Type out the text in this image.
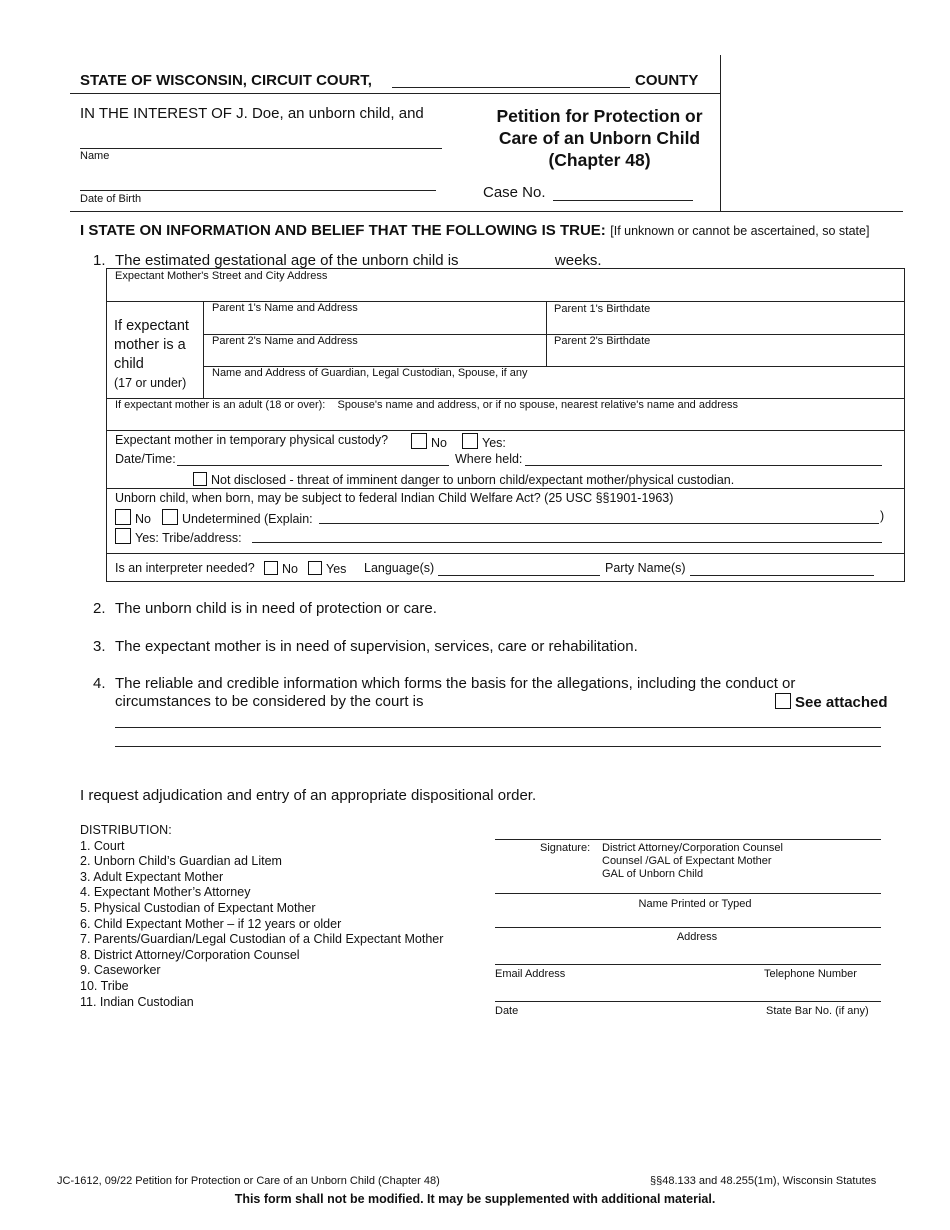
STATE OF WISCONSIN, CIRCUIT COURT,	COUNTY
IN THE INTEREST OF J. Doe, an unborn child, and
Name
Date of Birth
Petition for Protection or
Care of an Unborn Child
(Chapter 48)
Case No.
I STATE ON INFORMATION AND BELIEF THAT THE FOLLOWING IS TRUE: [If unknown or cannot be ascertained, so state]
1. The estimated gestational age of the unborn child is	weeks.
Expectant Mother's Street and City Address
If expectant
mother is a
child
(17 or under)
Parent 1's Name and Address	Parent 1's Birthdate
Parent 2's Name and Address	Parent 2's Birthdate
Name and Address of Guardian, Legal Custodian, Spouse, if any
If expectant mother is an adult (18 or over):    Spouse's name and address, or if no spouse, nearest relative's name and address
Expectant mother in temporary physical custody?	No	Yes:
Date/Time:	Where held:
Not disclosed - threat of imminent danger to unborn child/expectant mother/physical custodian.
Unborn child, when born, may be subject to federal Indian Child Welfare Act? (25 USC §§1901-1963)
No	Undetermined (Explain:	)
Yes: Tribe/address:
Is an interpreter needed?	No	Yes Language(s)	Party Name(s)
2. The unborn child is in need of protection or care.
3. The expectant mother is in need of supervision, services, care or rehabilitation.
4. The reliable and credible information which forms the basis for the allegations, including the conduct or
circumstances to be considered by the court is	See attached
I request adjudication and entry of an appropriate dispositional order.
DISTRIBUTION:
1. Court
2. Unborn Child’s Guardian ad Litem
3. Adult Expectant Mother
4. Expectant Mother’s Attorney
5. Physical Custodian of Expectant Mother
6. Child Expectant Mother – if 12 years or older
7. Parents/Guardian/Legal Custodian of a Child Expectant Mother
8. District Attorney/Corporation Counsel
9. Caseworker
10. Tribe
11. Indian Custodian
Signature: District Attorney/Corporation Counsel
Counsel /GAL of Expectant Mother
GAL of Unborn Child
Name Printed or Typed
Address
Email Address	Telephone Number
Date	State Bar No. (if any)
JC-1612, 09/22 Petition for Protection or Care of an Unborn Child (Chapter 48)	§§48.133 and 48.255(1m), Wisconsin Statutes
This form shall not be modified. It may be supplemented with additional material.
